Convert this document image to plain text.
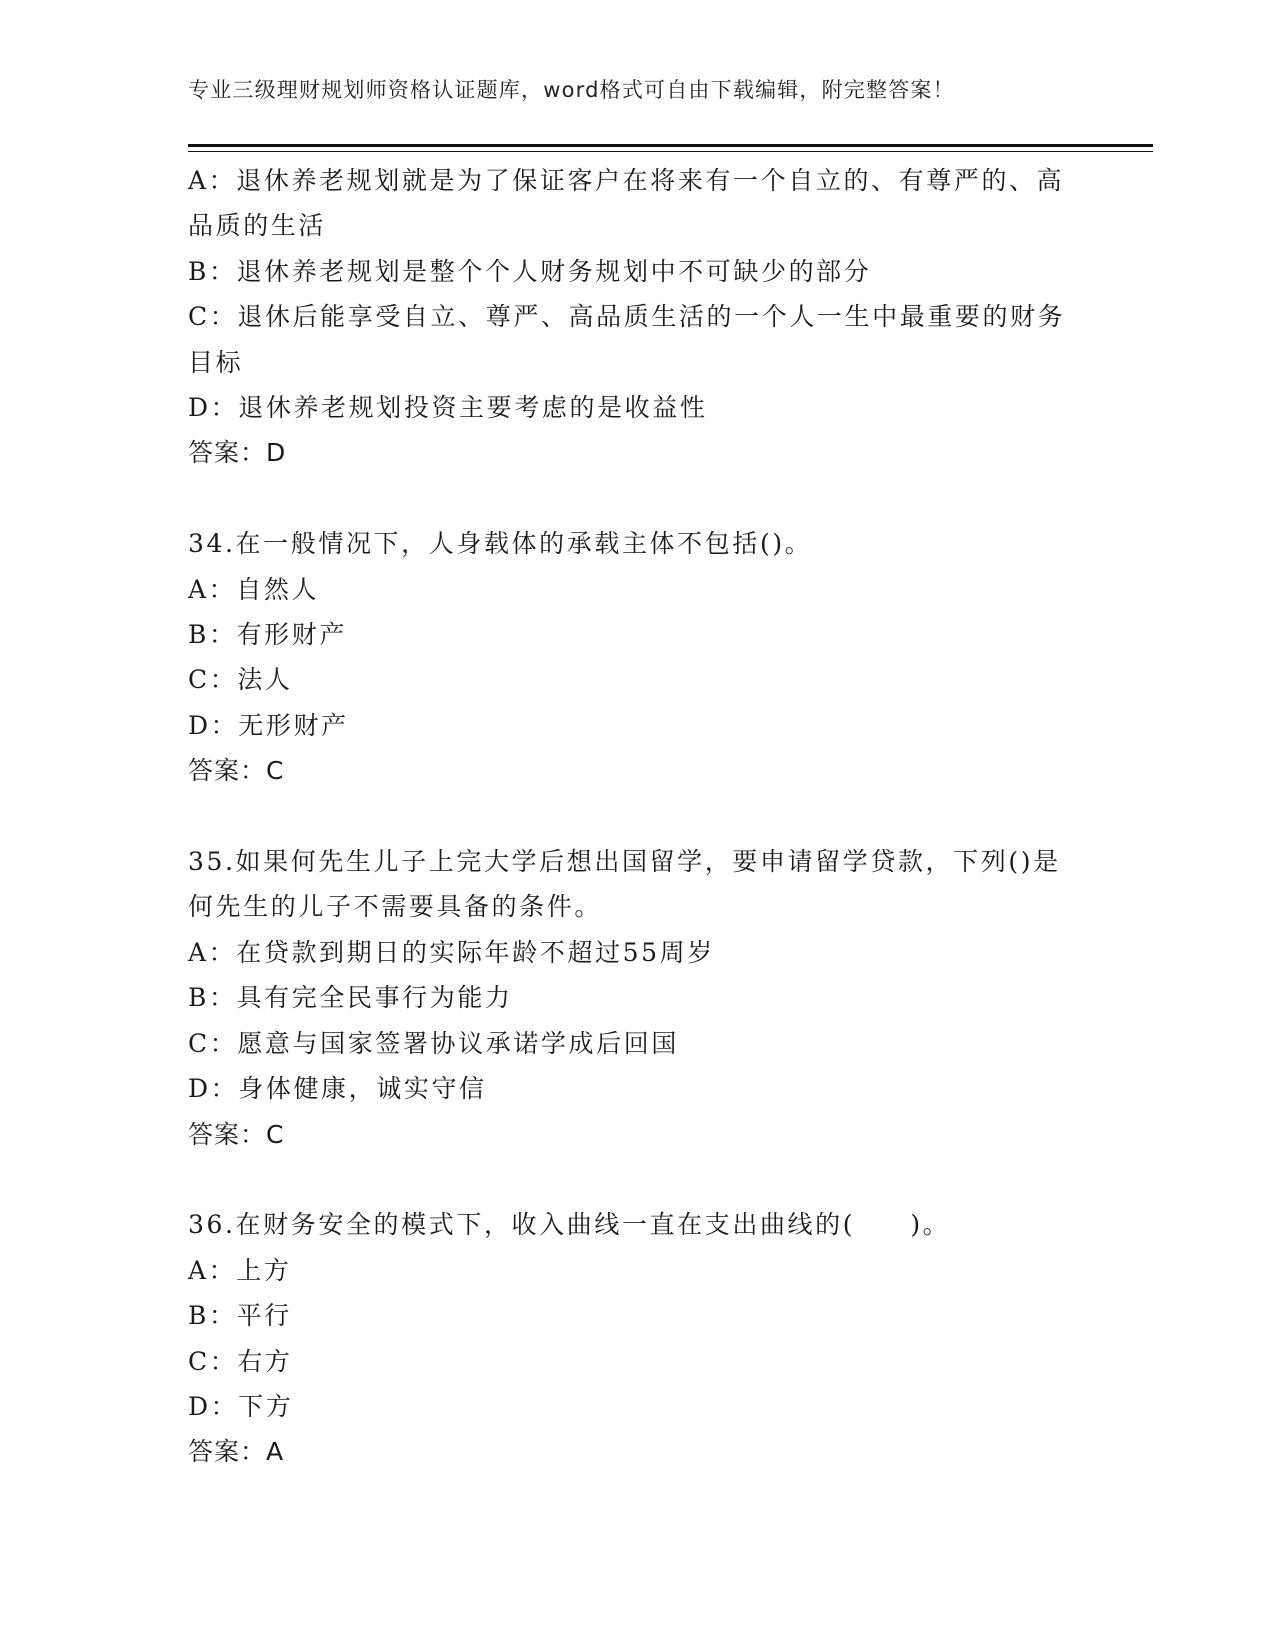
专业三级理财规划师资格认证题库，word格式可自由下载编辑，附完整答案！
A：退休养老规划就是为了保证客户在将来有一个自立的、有尊严的、高品质的生活
B：退休养老规划是整个个人财务规划中不可缺少的部分
C：退休后能享受自立、尊严、高品质生活的一个人一生中最重要的财务目标
D：退休养老规划投资主要考虑的是收益性
答案：D
34.在一般情况下，人身载体的承载主体不包括()。
A：自然人
B：有形财产
C：法人
D：无形财产
答案：C
35.如果何先生儿子上完大学后想出国留学，要申请留学贷款，下列()是何先生的儿子不需要具备的条件。
A：在贷款到期日的实际年龄不超过55周岁
B：具有完全民事行为能力
C：愿意与国家签署协议承诺学成后回国
D：身体健康，诚实守信
答案：C
36.在财务安全的模式下，收入曲线一直在支出曲线的(　　)。
A：上方
B：平行
C：右方
D：下方
答案：A
